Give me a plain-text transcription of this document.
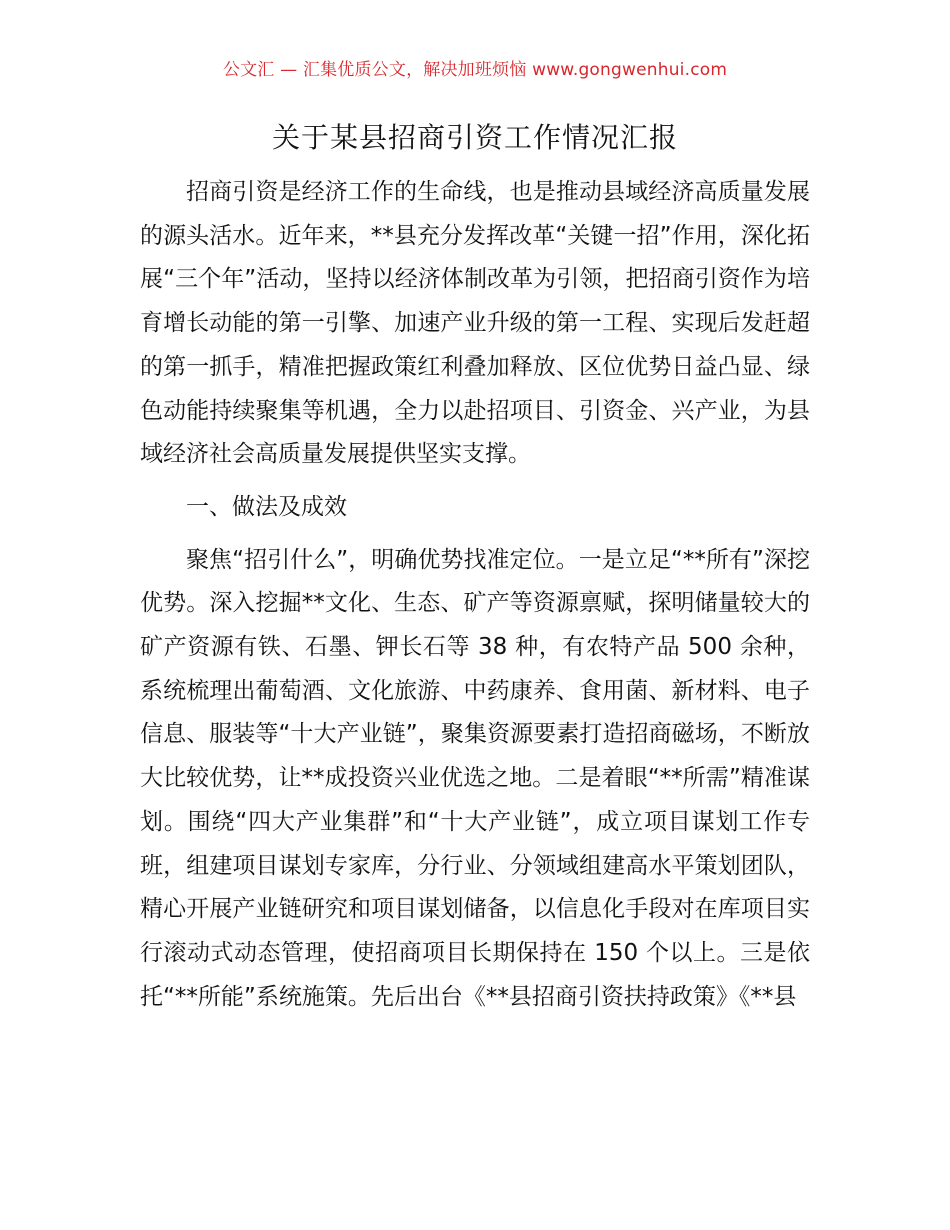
公文汇 — 汇集优质公文，解决加班烦恼 www.gongwenhui.com
关于某县招商引资工作情况汇报

招商引资是经济工作的生命线，也是推动县域经济高质量发展的源头活水。近年来，**县充分发挥改革“关键一招”作用，深化拓展“三个年”活动，坚持以经济体制改革为引领，把招商引资作为培育增长动能的第一引擎、加速产业升级的第一工程、实现后发赶超的第一抓手，精准把握政策红利叠加释放、区位优势日益凸显、绿色动能持续聚集等机遇，全力以赴招项目、引资金、兴产业，为县域经济社会高质量发展提供坚实支撑。

一、做法及成效

聚焦“招引什么”，明确优势找准定位。一是立足“**所有”深挖优势。深入挖掘**文化、生态、矿产等资源禀赋，探明储量较大的矿产资源有铁、石墨、钾长石等 38 种，有农特产品 500 余种，系统梳理出葡萄酒、文化旅游、中药康养、食用菌、新材料、电子信息、服装等“十大产业链”，聚集资源要素打造招商磁场，不断放大比较优势，让**成投资兴业优选之地。二是着眼“**所需”精准谋划。围绕“四大产业集群”和“十大产业链”，成立项目谋划工作专班，组建项目谋划专家库，分行业、分领域组建高水平策划团队，精心开展产业链研究和项目谋划储备，以信息化手段对在库项目实行滚动式动态管理，使招商项目长期保持在 150 个以上。三是依托“**所能”系统施策。先后出台《**县招商引资扶持政策》《**县
